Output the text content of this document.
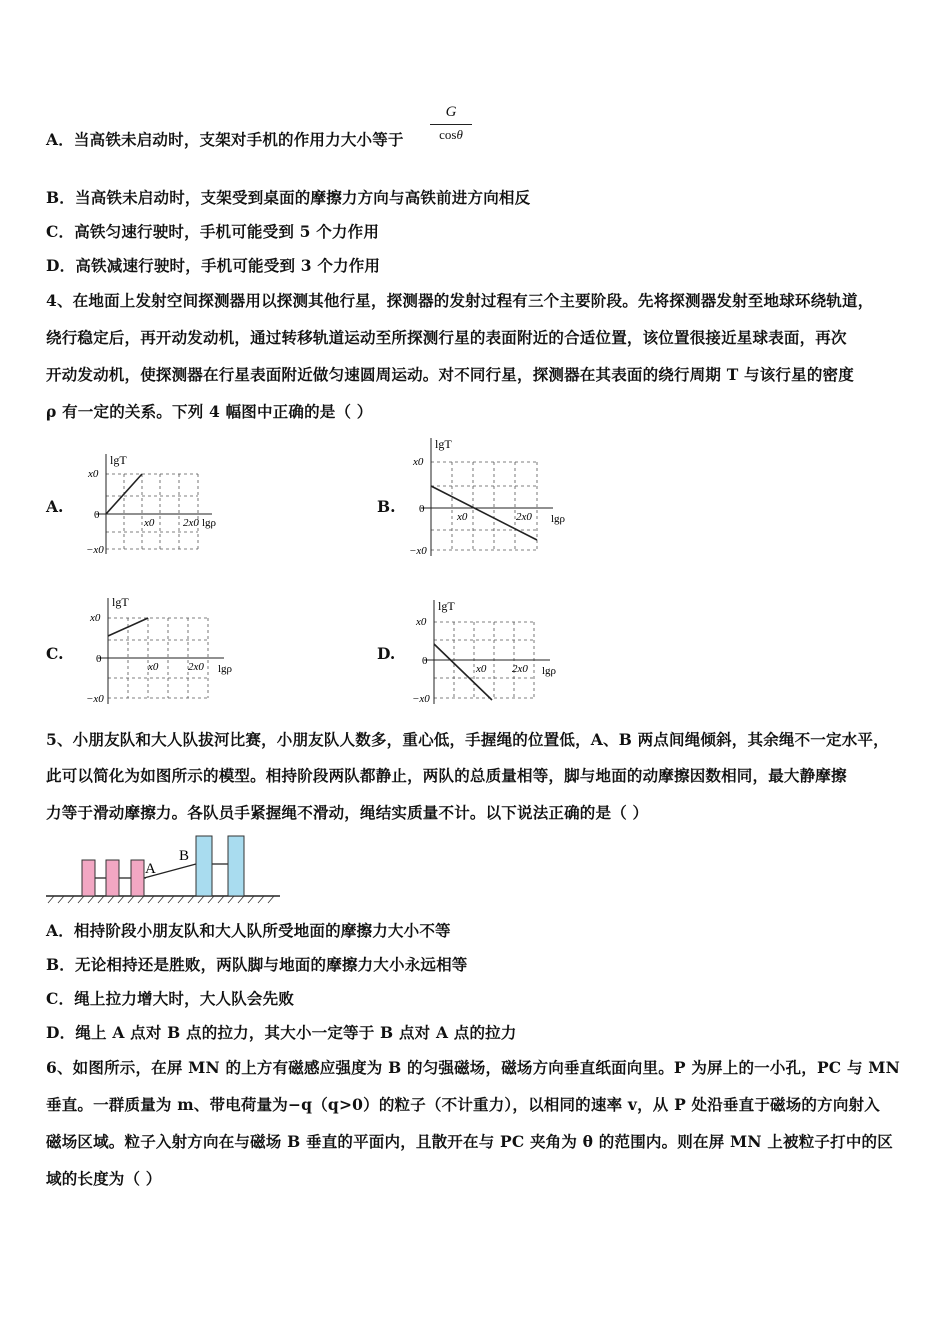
A．当高铁未启动时，支架对手机的作用力大小等于
G
cosθ
B．当高铁未启动时，支架受到桌面的摩擦力方向与高铁前进方向相反
C．高铁匀速行驶时，手机可能受到 5 个力作用
D．高铁减速行驶时，手机可能受到 3 个力作用
4、在地面上发射空间探测器用以探测其他行星，探测器的发射过程有三个主要阶段。先将探测器发射至地球环绕轨道，
绕行稳定后，再开动发动机，通过转移轨道运动至所探测行星的表面附近的合适位置，该位置很接近星球表面，再次
开动发动机，使探测器在行星表面附近做匀速圆周运动。对不同行星，探测器在其表面的绕行周期 T 与该行星的密度
ρ 有一定的关系。下列 4 幅图中正确的是（ ）
A.	B.
C.	D.
lgT
x0
0
−x0
x0	2x0 lgρ
lgT
x0
0
−x0
x0	2x0 lgρ
lgT
x0
0
−x0
x0	2x0 lgρ
lgT
x0
0
−x0
x0 2x0 lgρ
5、小朋友队和大人队拔河比赛，小朋友队人数多，重心低，手握绳的位置低，A、B 两点间绳倾斜，其余绳不一定水平，
此可以简化为如图所示的模型。相持阶段两队都静止，两队的总质量相等，脚与地面的动摩擦因数相同，最大静摩擦
力等于滑动摩擦力。各队员手紧握绳不滑动，绳结实质量不计。以下说法正确的是（ ）
A
B
A．相持阶段小朋友队和大人队所受地面的摩擦力大小不等
B．无论相持还是胜败，两队脚与地面的摩擦力大小永远相等
C．绳上拉力增大时，大人队会先败
D．绳上 A 点对 B 点的拉力，其大小一定等于 B 点对 A 点的拉力
6、如图所示，在屏 MN 的上方有磁感应强度为 B 的匀强磁场，磁场方向垂直纸面向里。P 为屏上的一小孔，PC 与 MN
垂直。一群质量为 m、带电荷量为−q（q>0）的粒子（不计重力），以相同的速率 v，从 P 处沿垂直于磁场的方向射入
磁场区域。粒子入射方向在与磁场 B 垂直的平面内，且散开在与 PC 夹角为 θ 的范围内。则在屏 MN 上被粒子打中的区
域的长度为（ ）
